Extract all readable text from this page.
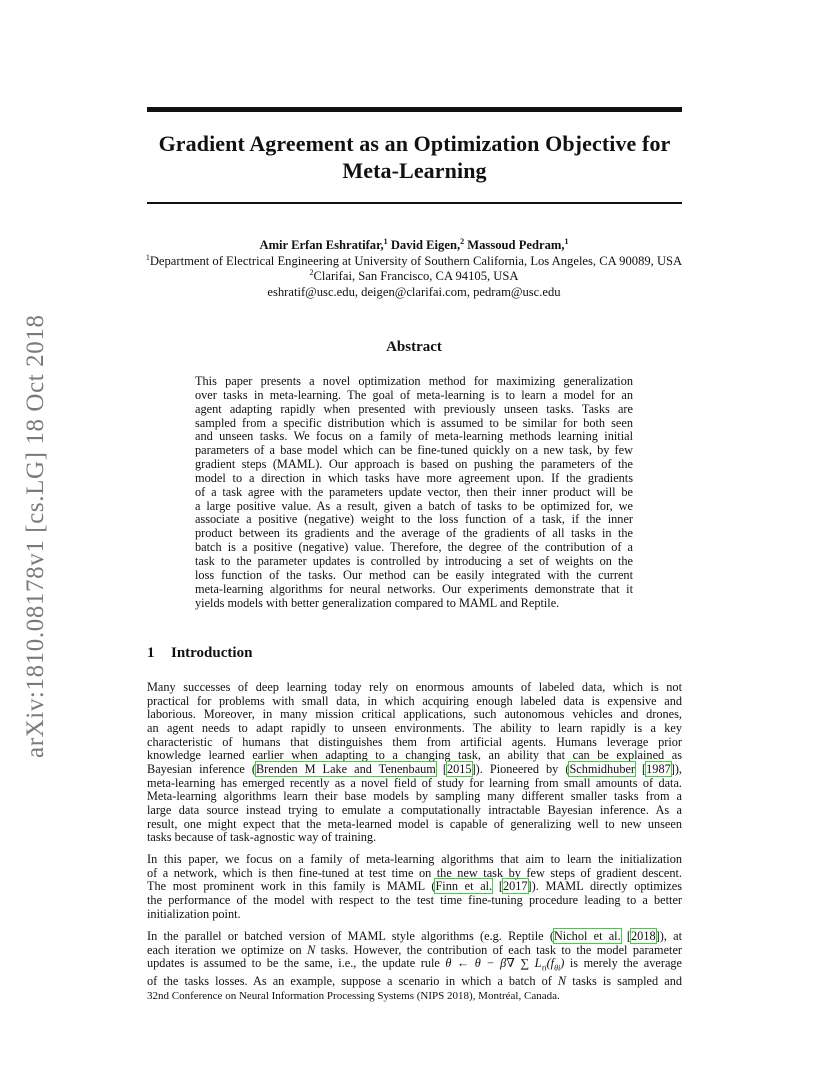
arXiv:1810.08178v1 [cs.LG] 18 Oct 2018
Gradient Agreement as an Optimization Objective for
Meta-Learning
Amir Erfan Eshratifar,$^1$ David Eigen,$^2$ Massoud Pedram,$^1$
$^1$Department of Electrical Engineering at University of Southern California, Los Angeles, CA 90089, USA
$^2$Clarifai, San Francisco, CA 94105, USA
eshratif@usc.edu, deigen@clarifai.com, pedram@usc.edu
Abstract
This paper presents a novel optimization method for maximizing generalization
over tasks in meta-learning. The goal of meta-learning is to learn a model for an
agent adapting rapidly when presented with previously unseen tasks. Tasks are
sampled from a specific distribution which is assumed to be similar for both seen
and unseen tasks. We focus on a family of meta-learning methods learning initial
parameters of a base model which can be fine-tuned quickly on a new task, by few
gradient steps (MAML). Our approach is based on pushing the parameters of the
model to a direction in which tasks have more agreement upon. If the gradients
of a task agree with the parameters update vector, then their inner product will be
a large positive value. As a result, given a batch of tasks to be optimized for, we
associate a positive (negative) weight to the loss function of a task, if the inner
product between its gradients and the average of the gradients of all tasks in the
batch is a positive (negative) value. Therefore, the degree of the contribution of a
task to the parameter updates is controlled by introducing a set of weights on the
loss function of the tasks. Our method can be easily integrated with the current
meta-learning algorithms for neural networks. Our experiments demonstrate that it
yields models with better generalization compared to MAML and Reptile.
1 Introduction
Many successes of deep learning today rely on enormous amounts of labeled data, which is not
practical for problems with small data, in which acquiring enough labeled data is expensive and
laborious. Moreover, in many mission critical applications, such autonomous vehicles and drones,
an agent needs to adapt rapidly to unseen environments. The ability to learn rapidly is a key
characteristic of humans that distinguishes them from artificial agents. Humans leverage prior
knowledge learned earlier when adapting to a changing task, an ability that can be explained as
Bayesian inference (Brenden M Lake and Tenenbaum [2015]). Pioneered by (Schmidhuber [1987]),
meta-learning has emerged recently as a novel field of study for learning from small amounts of data.
Meta-learning algorithms learn their base models by sampling many different smaller tasks from a
large data source instead trying to emulate a computationally intractable Bayesian inference. As a
result, one might expect that the meta-learned model is capable of generalizing well to new unseen
tasks because of task-agnostic way of training.
In this paper, we focus on a family of meta-learning algorithms that aim to learn the initialization
of a network, which is then fine-tuned at test time on the new task by few steps of gradient descent.
The most prominent work in this family is MAML (Finn et al. [2017]). MAML directly optimizes
the performance of the model with respect to the test time fine-tuning procedure leading to a better
initialization point.
In the parallel or batched version of MAML style algorithms (e.g. Reptile (Nichol et al. [2018]), at
each iteration we optimize on N tasks. However, the contribution of each task to the model parameter
updates is assumed to be the same, i.e., the update rule θ ← θ − β∇ ∑ $L_{\tau i}(f_{\theta i})$ is merely the average
of the tasks losses. As an example, suppose a scenario in which a batch of N tasks is sampled and
32nd Conference on Neural Information Processing Systems (NIPS 2018), Montréal, Canada.
